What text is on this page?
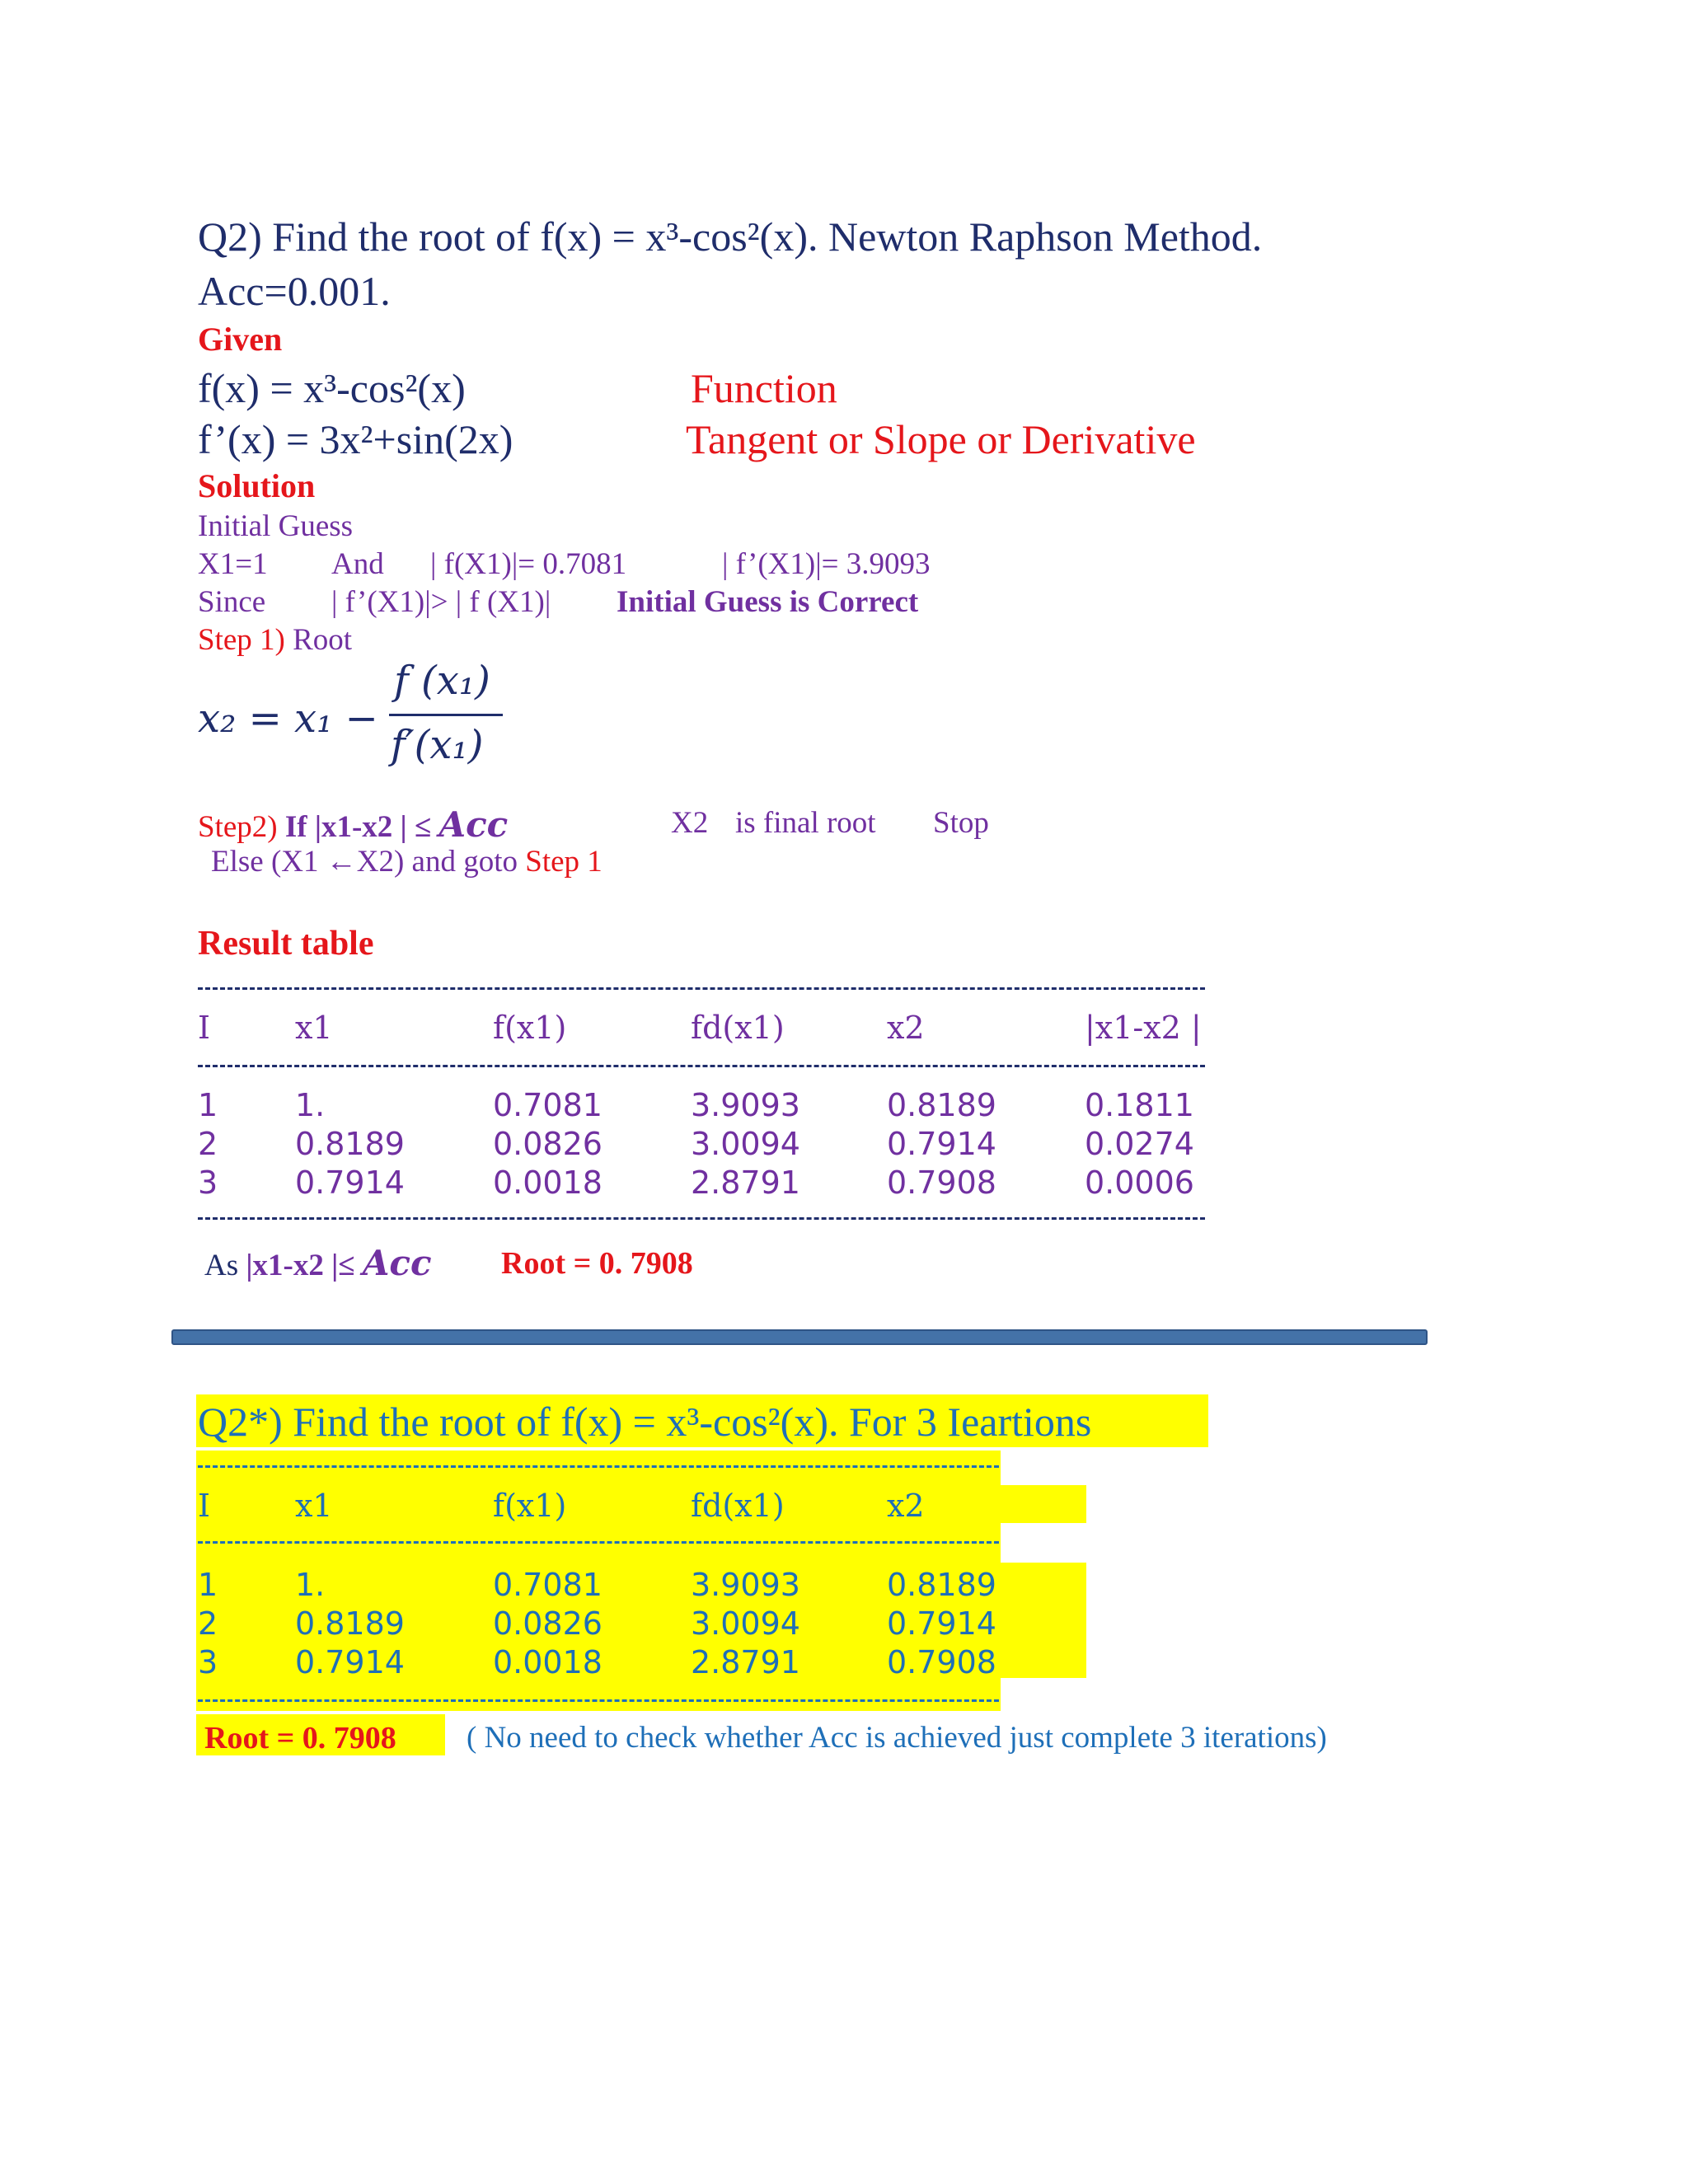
Q2) Find the root of f(x) = x³-cos²(x). Newton Raphson Method.
Acc=0.001.
Given
f(x) = x³-cos²(x)
f’(x) = 3x²+sin(2x)
Function
Tangent or Slope or Derivative
Solution
Initial Guess
X1=1 And | f(X1)|= 0.7081	| f’(X1)|= 3.9093
Since | f’(X1)|> | f (X1)| Initial Guess is Correct
Step 1) Root
x₂ = x₁ −
f (x₁)
f′(x₁)
Step2) If |x1-x2 | ≤ Acc	X2 is final root Stop
Else (X1 ←X2) and goto Step 1
Result table
I	x1	f(x1)	fd(x1)	x2	|x1-x2 |
1 1.	0.7081	3.9093	0.8189	0.1811
2 0.8189	0.0826	3.0094	0.7914	0.0274
3 0.7914	0.0018	2.8791	0.7908	0.0006
As |x1-x2 |≤ Acc Root = 0. 7908
Q2*) Find the root of f(x) = x³-cos²(x). For 3 Ieartions
I	x1	f(x1)	fd(x1)	x2
1 1.	0.7081	3.9093	0.8189
2 0.8189	0.0826	3.0094	0.7914
3 0.7914	0.0018	2.8791	0.7908
Root = 0. 7908 ( No need to check whether Acc is achieved just complete 3 iterations)
